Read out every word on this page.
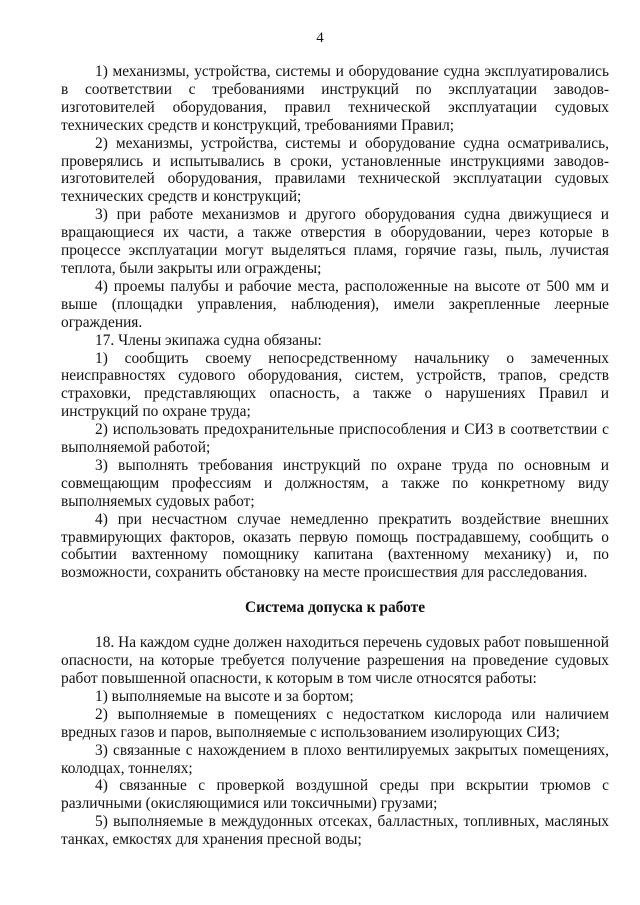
4

1) механизмы, устройства, системы и оборудование судна эксплуатировались в соответствии с требованиями инструкций по эксплуатации заводов-изготовителей оборудования, правил технической эксплуатации судовых технических средств и конструкций, требованиями Правил;

2) механизмы, устройства, системы и оборудование судна осматривались, проверялись и испытывались в сроки, установленные инструкциями заводов-изготовителей оборудования, правилами технической эксплуатации судовых технических средств и конструкций;

3) при работе механизмов и другого оборудования судна движущиеся и вращающиеся их части, а также отверстия в оборудовании, через которые в процессе эксплуатации могут выделяться пламя, горячие газы, пыль, лучистая теплота, были закрыты или ограждены;

4) проемы палубы и рабочие места, расположенные на высоте от 500 мм и выше (площадки управления, наблюдения), имели закрепленные леерные ограждения.

17. Члены экипажа судна обязаны:

1) сообщить своему непосредственному начальнику о замеченных неисправностях судового оборудования, систем, устройств, трапов, средств страховки, представляющих опасность, а также о нарушениях Правил и инструкций по охране труда;

2) использовать предохранительные приспособления и СИЗ в соответствии с выполняемой работой;

3) выполнять требования инструкций по охране труда по основным и совмещающим профессиям и должностям, а также по конкретному виду выполняемых судовых работ;

4) при несчастном случае немедленно прекратить воздействие внешних травмирующих факторов, оказать первую помощь пострадавшему, сообщить о событии вахтенному помощнику капитана (вахтенному механику) и, по возможности, сохранить обстановку на месте происшествия для расследования.

Система допуска к работе

18. На каждом судне должен находиться перечень судовых работ повышенной опасности, на которые требуется получение разрешения на проведение судовых работ повышенной опасности, к которым в том числе относятся работы:

1) выполняемые на высоте и за бортом;

2) выполняемые в помещениях с недостатком кислорода или наличием вредных газов и паров, выполняемые с использованием изолирующих СИЗ;

3) связанные с нахождением в плохо вентилируемых закрытых помещениях, колодцах, тоннелях;

4) связанные с проверкой воздушной среды при вскрытии трюмов с различными (окисляющимися или токсичными) грузами;

5) выполняемые в междудонных отсеках, балластных, топливных, масляных танках, емкостях для хранения пресной воды;
